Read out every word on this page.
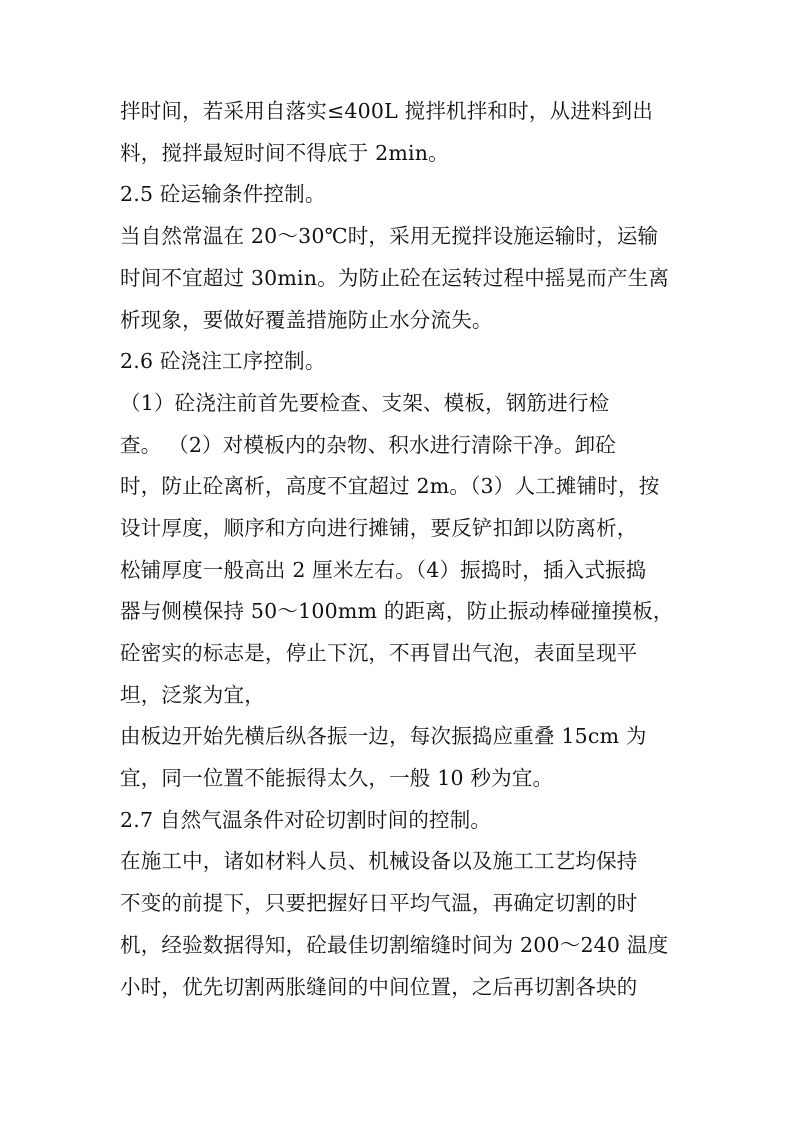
拌时间，若采用自落实≤400L 搅拌机拌和时，从进料到出
料，搅拌最短时间不得底于 2min。
2.5 砼运输条件控制。
当自然常温在 20～30℃时，采用无搅拌设施运输时，运输
时间不宜超过 30min。为防止砼在运转过程中摇晃而产生离
析现象，要做好覆盖措施防止水分流失。
2.6 砼浇注工序控制。
（1）砼浇注前首先要检查、支架、模板，钢筋进行检
查。 （2）对模板内的杂物、积水进行清除干净。卸砼
时，防止砼离析，高度不宜超过 2m。（3）人工摊铺时，按
设计厚度，顺序和方向进行摊铺，要反铲扣卸以防离析，
松铺厚度一般高出 2 厘米左右。（4）振捣时，插入式振捣
器与侧模保持 50～100mm 的距离，防止振动棒碰撞摸板，
砼密实的标志是，停止下沉，不再冒出气泡，表面呈现平
坦，泛浆为宜，
由板边开始先横后纵各振一边，每次振捣应重叠 15cm 为
宜，同一位置不能振得太久，一般 10 秒为宜。
2.7 自然气温条件对砼切割时间的控制。
在施工中，诸如材料人员、机械设备以及施工工艺均保持
不变的前提下，只要把握好日平均气温，再确定切割的时
机，经验数据得知，砼最佳切割缩缝时间为 200～240 温度
小时，优先切割两胀缝间的中间位置，之后再切割各块的
